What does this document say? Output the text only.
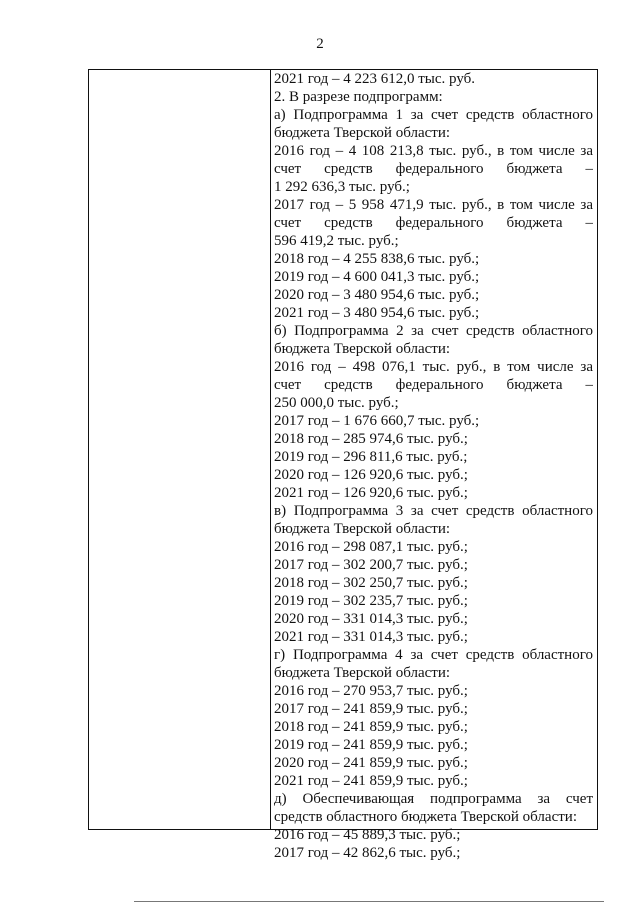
2
2021 год – 4 223 612,0 тыс. руб.
2. В разрезе подпрограмм:
а) Подпрограмма 1 за счет средств областного
бюджета Тверской области:
2016 год – 4 108 213,8 тыс. руб., в том числе за
счет средств федерального бюджета –
1 292 636,3 тыс. руб.;
2017 год – 5 958 471,9 тыс. руб., в том числе за
счет средств федерального бюджета –
596 419,2 тыс. руб.;
2018 год – 4 255 838,6 тыс. руб.;
2019 год – 4 600 041,3 тыс. руб.;
2020 год – 3 480 954,6 тыс. руб.;
2021 год – 3 480 954,6 тыс. руб.;
б) Подпрограмма 2 за счет средств областного
бюджета Тверской области:
2016 год – 498 076,1 тыс. руб., в том числе за
счет средств федерального бюджета –
250 000,0 тыс. руб.;
2017 год – 1 676 660,7 тыс. руб.;
2018 год – 285 974,6 тыс. руб.;
2019 год – 296 811,6 тыс. руб.;
2020 год – 126 920,6 тыс. руб.;
2021 год – 126 920,6 тыс. руб.;
в) Подпрограмма 3 за счет средств областного
бюджета Тверской области:
2016 год – 298 087,1 тыс. руб.;
2017 год – 302 200,7 тыс. руб.;
2018 год – 302 250,7 тыс. руб.;
2019 год – 302 235,7 тыс. руб.;
2020 год – 331 014,3 тыс. руб.;
2021 год – 331 014,3 тыс. руб.;
г) Подпрограмма 4 за счет средств областного
бюджета Тверской области:
2016 год – 270 953,7 тыс. руб.;
2017 год – 241 859,9 тыс. руб.;
2018 год – 241 859,9 тыс. руб.;
2019 год – 241 859,9 тыс. руб.;
2020 год – 241 859,9 тыс. руб.;
2021 год – 241 859,9 тыс. руб.;
д) Обеспечивающая подпрограмма за счет
средств областного бюджета Тверской области:
2016 год – 45 889,3 тыс. руб.;
2017 год – 42 862,6 тыс. руб.;
